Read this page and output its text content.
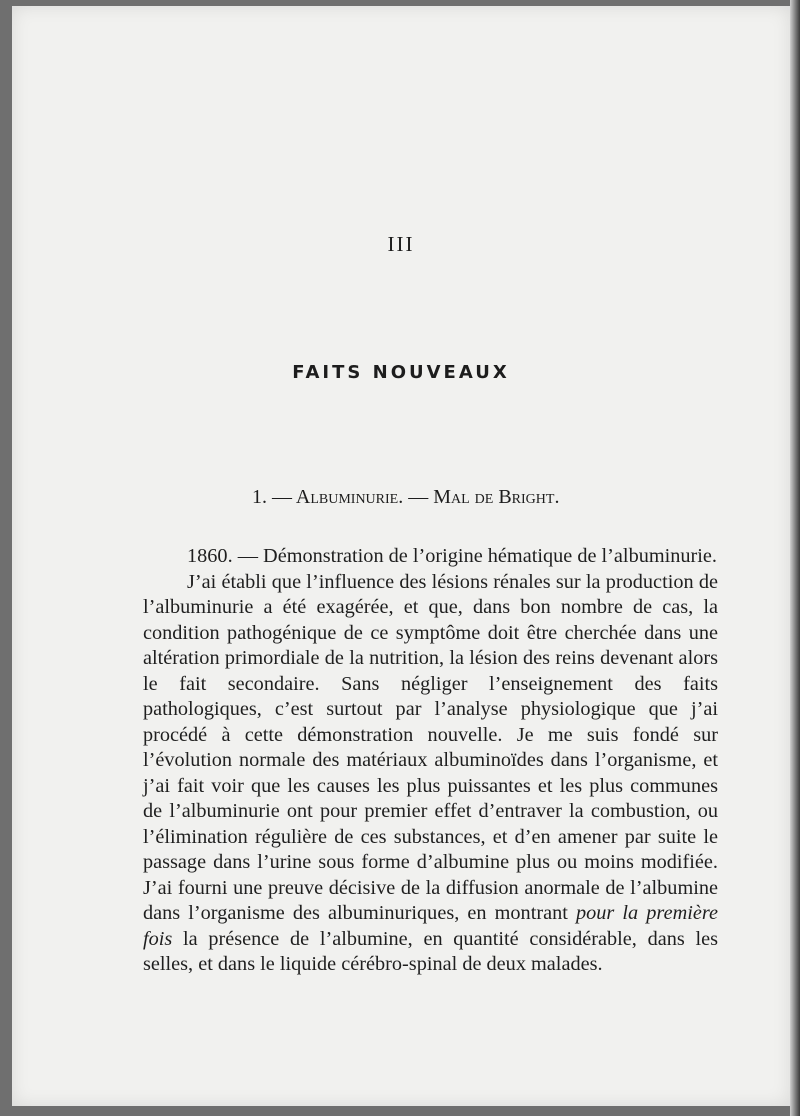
III
FAITS NOUVEAUX
1. — Albuminurie. — Mal de Bright.

1860. — Démonstration de l’origine hématique de l’albuminurie.

J’ai établi que l’influence des lésions rénales sur la production de l’albuminurie a été exagérée, et que, dans bon nombre de cas, la condition pathogénique de ce symptôme doit être cherchée dans une altération primordiale de la nutrition, la lésion des reins devenant alors le fait secondaire. Sans négliger l’enseignement des faits pathologiques, c’est surtout par l’analyse physiologique que j’ai procédé à cette démonstration nouvelle. Je me suis fondé sur l’évolution normale des matériaux albuminoïdes dans l’organisme, et j’ai fait voir que les causes les plus puissantes et les plus communes de l’albuminurie ont pour premier effet d’entraver la combustion, ou l’élimination régulière de ces substances, et d’en amener par suite le passage dans l’urine sous forme d’albumine plus ou moins modifiée. J’ai fourni une preuve décisive de la diffusion anormale de l’albumine dans l’organisme des albuminuriques, en montrant pour la première fois la présence de l’albumine, en quantité considérable, dans les selles, et dans le liquide cérébro-spinal de deux malades.
